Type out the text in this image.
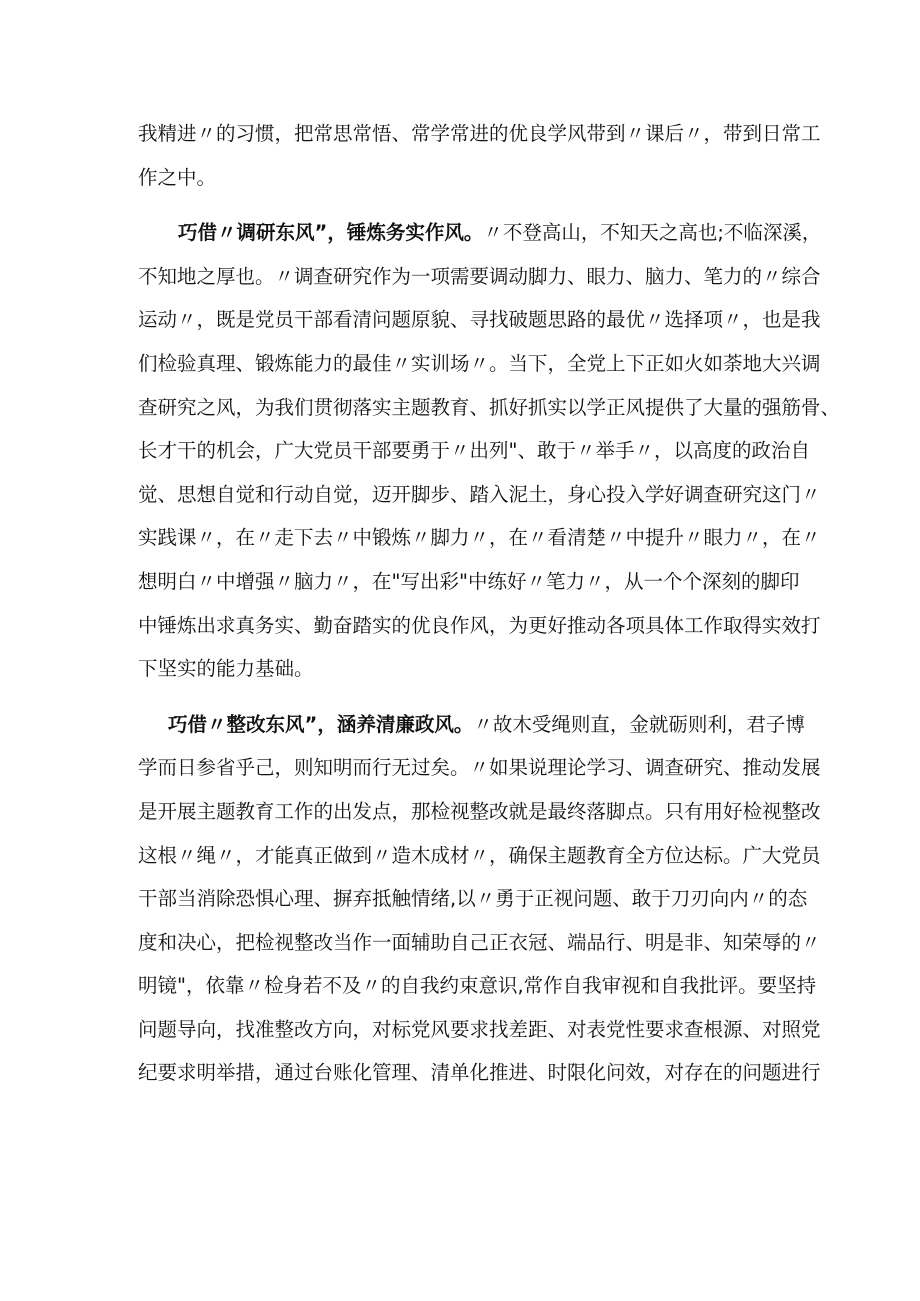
我精进〃的习惯，把常思常悟、常学常进的优良学风带到〃课后〃，带到日常工
作之中。
巧借〃调研东风”，锤炼务实作风。〃不登高山，不知天之高也;不临深溪，
不知地之厚也。〃调查研究作为一项需要调动脚力、眼力、脑力、笔力的〃综合
运动〃，既是党员干部看清问题原貌、寻找破题思路的最优〃选择项〃，也是我
们检验真理、锻炼能力的最佳〃实训场〃。当下，全党上下正如火如荼地大兴调
查研究之风，为我们贯彻落实主题教育、抓好抓实以学正风提供了大量的强筋骨、
长才干的机会，广大党员干部要勇于〃出列"、敢于〃举手〃，以高度的政治自
觉、思想自觉和行动自觉，迈开脚步、踏入泥土，身心投入学好调查研究这门〃
实践课〃，在〃走下去〃中锻炼〃脚力〃，在〃看清楚〃中提升〃眼力〃，在〃
想明白〃中增强〃脑力〃，在"写出彩"中练好〃笔力〃，从一个个深刻的脚印
中锤炼出求真务实、勤奋踏实的优良作风，为更好推动各项具体工作取得实效打
下坚实的能力基础。
巧借〃整改东风”，涵养清廉政风。〃故木受绳则直，金就砺则利，君子博
学而日参省乎己，则知明而行无过矣。〃如果说理论学习、调查研究、推动发展
是开展主题教育工作的出发点，那检视整改就是最终落脚点。只有用好检视整改
这根〃绳〃，才能真正做到〃造木成材〃，确保主题教育全方位达标。广大党员
干部当消除恐惧心理、摒弃抵触情绪,以〃勇于正视问题、敢于刀刃向内〃的态
度和决心，把检视整改当作一面辅助自己正衣冠、端品行、明是非、知荣辱的〃
明镜"，依靠〃检身若不及〃的自我约束意识,常作自我审视和自我批评。要坚持
问题导向，找准整改方向，对标党风要求找差距、对表党性要求查根源、对照党
纪要求明举措，通过台账化管理、清单化推进、时限化问效，对存在的问题进行
